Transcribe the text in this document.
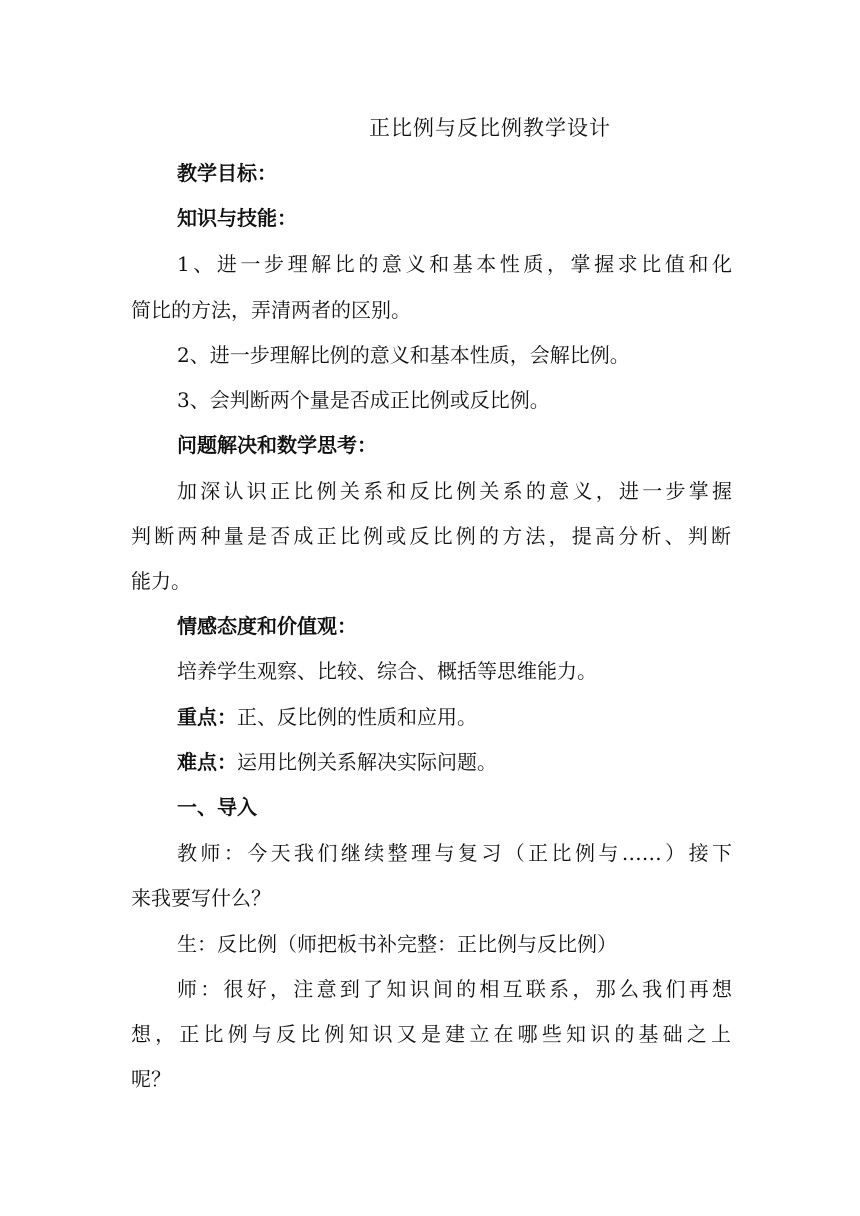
正比例与反比例教学设计
教学目标：
知识与技能：
1、进一步理解比的意义和基本性质，掌握求比值和化
简比的方法，弄清两者的区别。
2、进一步理解比例的意义和基本性质，会解比例。
3、会判断两个量是否成正比例或反比例。
问题解决和数学思考：
加深认识正比例关系和反比例关系的意义，进一步掌握
判断两种量是否成正比例或反比例的方法，提高分析、判断
能力。
情感态度和价值观：
培养学生观察、比较、综合、概括等思维能力。
重点：正、反比例的性质和应用。
难点：运用比例关系解决实际问题。
一、导入
教师：今天我们继续整理与复习（正比例与……）接下
来我要写什么？
生：反比例（师把板书补完整：正比例与反比例）
师：很好，注意到了知识间的相互联系，那么我们再想
想，正比例与反比例知识又是建立在哪些知识的基础之上
呢？
